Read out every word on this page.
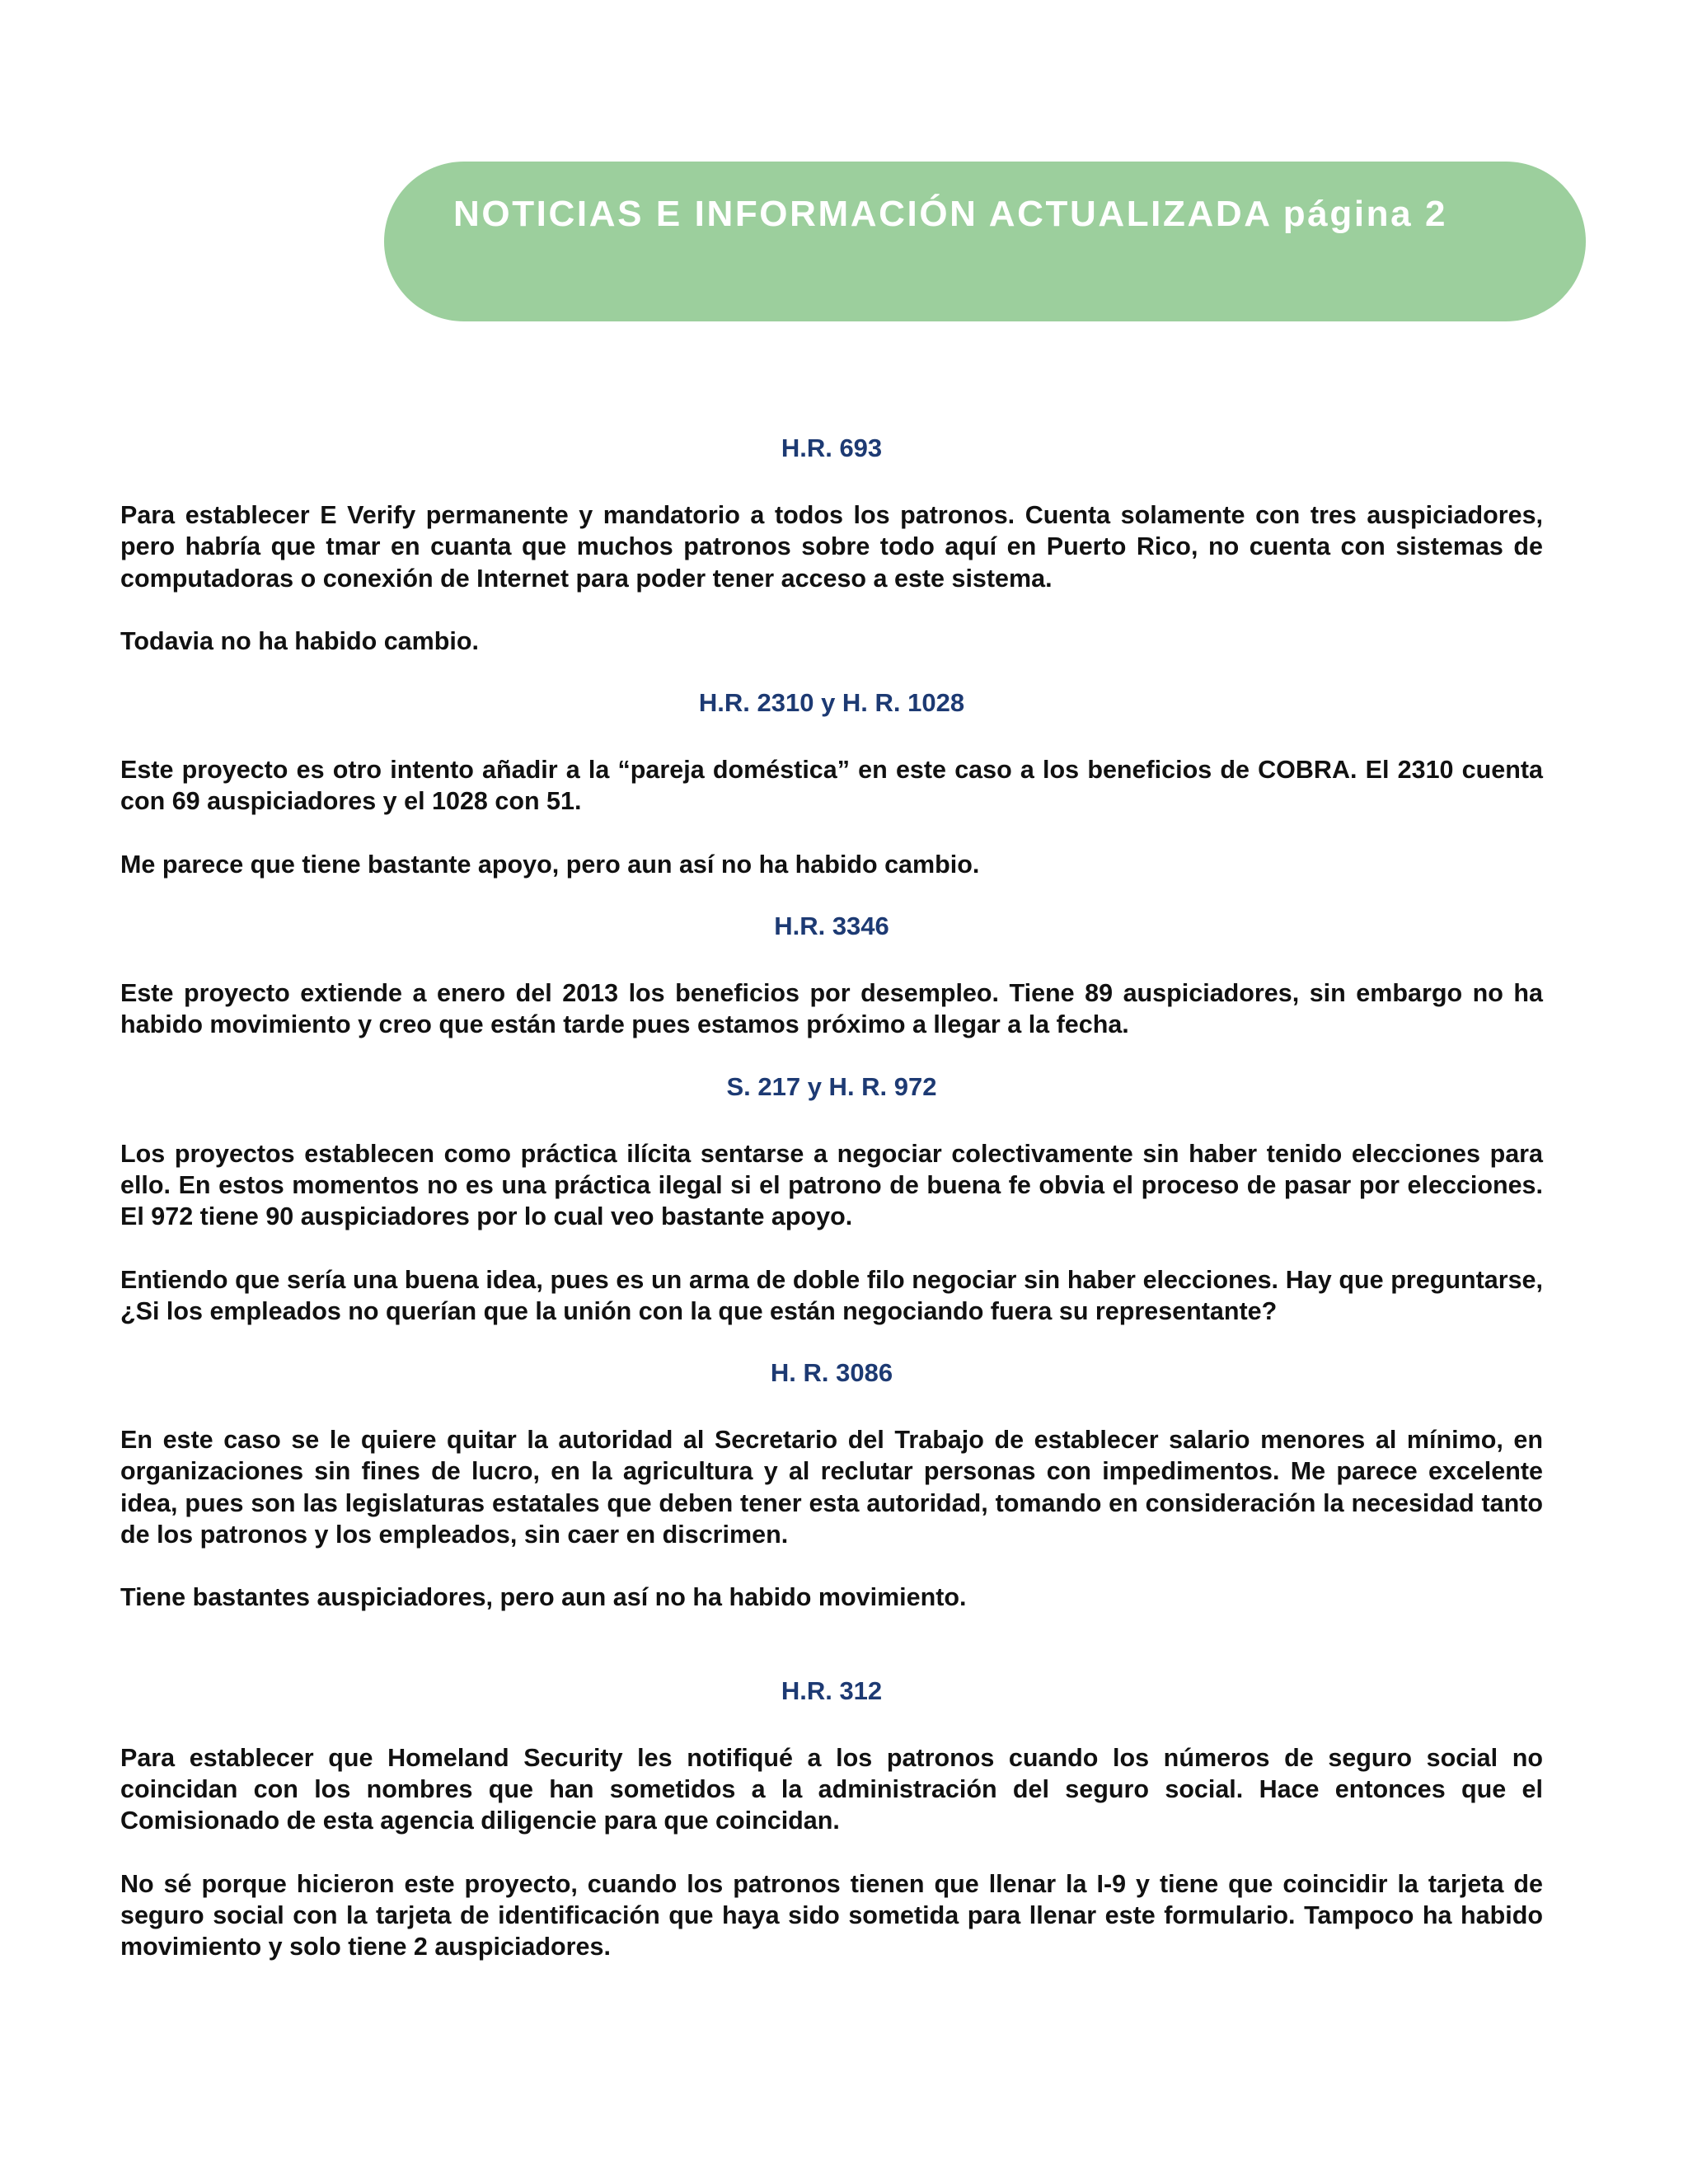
NOTICIAS E INFORMACIÓN ACTUALIZADA página 2
H.R. 693

Para establecer E Verify permanente y mandatorio a todos los patronos. Cuenta solamente con tres auspiciadores, pero habría que tmar en cuanta que muchos patronos sobre todo aquí en Puerto Rico, no cuenta con sistemas de computadoras o conexión de Internet para poder tener acceso a este sistema.

Todavia no ha habido cambio.

H.R. 2310 y H. R. 1028

Este proyecto es otro intento añadir a la “pareja doméstica” en este caso a los beneficios de COBRA. El 2310 cuenta con 69 auspiciadores y el 1028 con 51.

Me parece que tiene bastante apoyo, pero aun así no ha habido cambio.

H.R. 3346

Este proyecto extiende a enero del 2013 los beneficios por desempleo. Tiene 89 auspiciadores, sin embargo no ha habido movimiento y creo que están tarde pues estamos próximo a llegar a la fecha.

S. 217 y H. R. 972

Los proyectos establecen como práctica ilícita sentarse a negociar colectivamente sin haber tenido elecciones para ello. En estos momentos no es una práctica ilegal si el patrono de buena fe obvia el proceso de pasar por elecciones. El 972 tiene 90 auspiciadores por lo cual veo bastante apoyo.

Entiendo que sería una buena idea, pues es un arma de doble filo negociar sin haber elecciones. Hay que preguntarse, ¿Si los empleados no querían que la unión con la que están negociando fuera su representante?

H. R. 3086

En este caso se le quiere quitar la autoridad al Secretario del Trabajo de establecer salario menores al mínimo, en organizaciones sin fines de lucro, en la agricultura y al reclutar personas con impedimentos. Me parece excelente idea, pues son las legislaturas estatales que deben tener esta autoridad, tomando en consideración la necesidad tanto de los patronos y los empleados, sin caer en discrimen.

Tiene bastantes auspiciadores, pero aun así no ha habido movimiento.

H.R. 312

Para establecer que Homeland Security les notifiqué a los patronos cuando los números de seguro social no coincidan con los nombres que han sometidos a la administración del seguro social. Hace entonces que el Comisionado de esta agencia diligencie para que coincidan.

No sé porque hicieron este proyecto, cuando los patronos tienen que llenar la I-9 y tiene que coincidir la tarjeta de seguro social con la tarjeta de identificación que haya sido sometida para llenar este formulario. Tampoco ha habido movimiento y solo tiene 2 auspiciadores.
